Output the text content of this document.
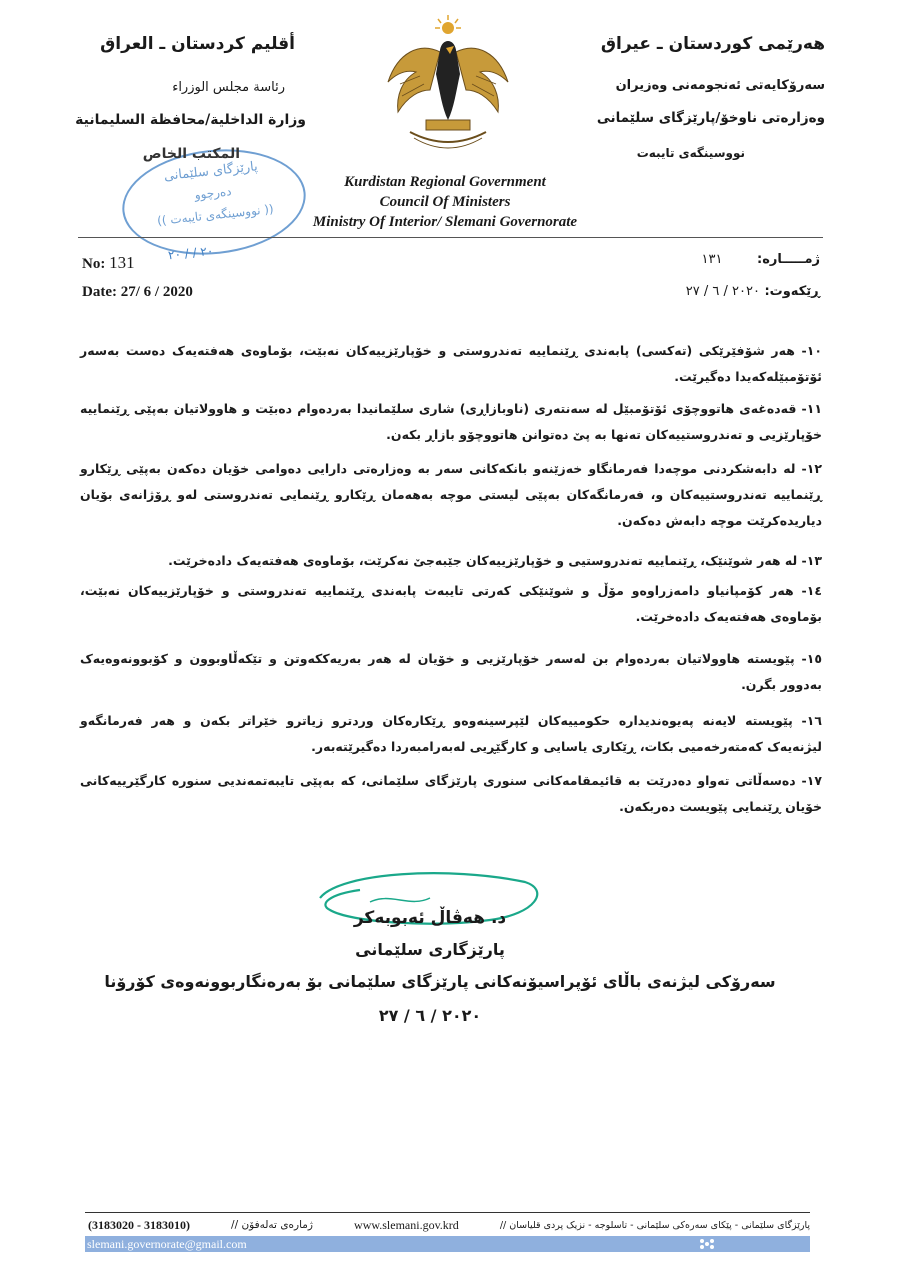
أقليم كردستان ـ العراق
رئاسة مجلس الوزراء
وزارة الداخلية/محافظة السليمانية
هەرێمی کوردستان ـ عیراق
سەرۆکایەتی ئەنجومەنی وەزیران
وەزارەتی ناوخۆ/پارێزگای سلێمانی
نووسینگەی تایبەت
Kurdistan Regional Government
Council Of Ministers
Ministry Of Interior/ Slemani Governorate
پارێزگای سلێمانی
دەرچوو
(( نووسینگەی تایبەت ))
المكتب الخاص
٢٠ / / ٢٠
No: 131
Date: 27/ 6 / 2020
ژمـــــارە: ١٣١
ڕێکەوت: ٢٠٢٠ / ٦ / ٢٧
١٠- هەر شۆفێرێکی (تەکسی) پابەندی ڕێنماییە تەندروستی و خۆپارێزییەکان نەبێت، بۆماوەی هەفتەیەک دەست بەسەر ئۆتۆمبێلەکەیدا دەگیرێت.
١١- قەدەغەی هاتووچۆی ئۆتۆمبێل لە سەنتەری (ناوبازاڕی) شاری سلێمانیدا بەردەوام دەبێت و هاوولاتیان بەپێی ڕێنماییە خۆپارێزیی و تەندروستییەکان تەنها بە پێ دەتوانن هاتووچۆو بازاڕ بکەن.
١٢- لە دابەشکردنی موچەدا فەرمانگاو خەزێنەو بانکەکانی سەر بە وەزارەتی دارایی دەوامی خۆیان دەکەن بەپێی ڕێکارو ڕێنماییە تەندروستییەکان و، فەرمانگەکان بەپێی لیستی موچە بەهەمان ڕێکارو ڕێنمایی تەندروستی لەو ڕۆژانەی بۆیان دیاریدەکرێت موچە دابەش دەکەن.
١٣- لە هەر شوێنێک، ڕێنماییە تەندروستیی و خۆپارێزییەکان جێبەجێ نەکرێت، بۆماوەی هەفتەیەک دادەخرێت.
١٤- هەر کۆمپانیاو دامەزراوەو مۆڵ و شوێنێکی کەرتی تایبەت پابەندی ڕێنماییە تەندروستی و خۆپارێزییەکان نەبێت، بۆماوەی هەفتەیەک دادەخرێت.
١٥- پێویستە هاوولاتیان بەردەوام بن لەسەر خۆپارێزیی و خۆیان لە هەر بەریەککەوتن و تێکەڵاوبوون و کۆبوونەوەیەک بەدوور بگرن.
١٦- پێویستە لایەنە پەیوەندیدارە حکومییەکان لێپرسینەوەو ڕێکارەکان وردترو زیاترو خێراتر بکەن و هەر فەرمانگەو لیژنەیەک کەمتەرخەمیی بکات، ڕێکاری یاسایی و کارگێڕیی لەبەرامبەردا دەگیرێتەبەر.
١٧- دەسەڵاتی تەواو دەدرێت بە قائیمقامەکانی سنوری پارێزگای سلێمانی، کە بەپێی تایبەتمەندیی سنورە کارگێرییەکانی خۆیان ڕێنمایی پێویست دەربکەن.
د. هەڤاڵ ئەبوبەکر
پارێزگاری سلێمانی
سەرۆکی لیژنەی باڵای ئۆپراسیۆنەکانی پارێزگای سلێمانی بۆ بەرەنگاربوونەوەی کۆرۆنا
٢٠٢٠ / ٦ / ٢٧
(3183020 - 3183010)	ژمارەی تەلەفۆن //	www.slemani.gov.krd	پارێزگای سلێمانی - پێکای سەرەکی سلێمانی - تاسلوجە - نزیک پردی قلیاسان //
slemani.governorate@gmail.com
